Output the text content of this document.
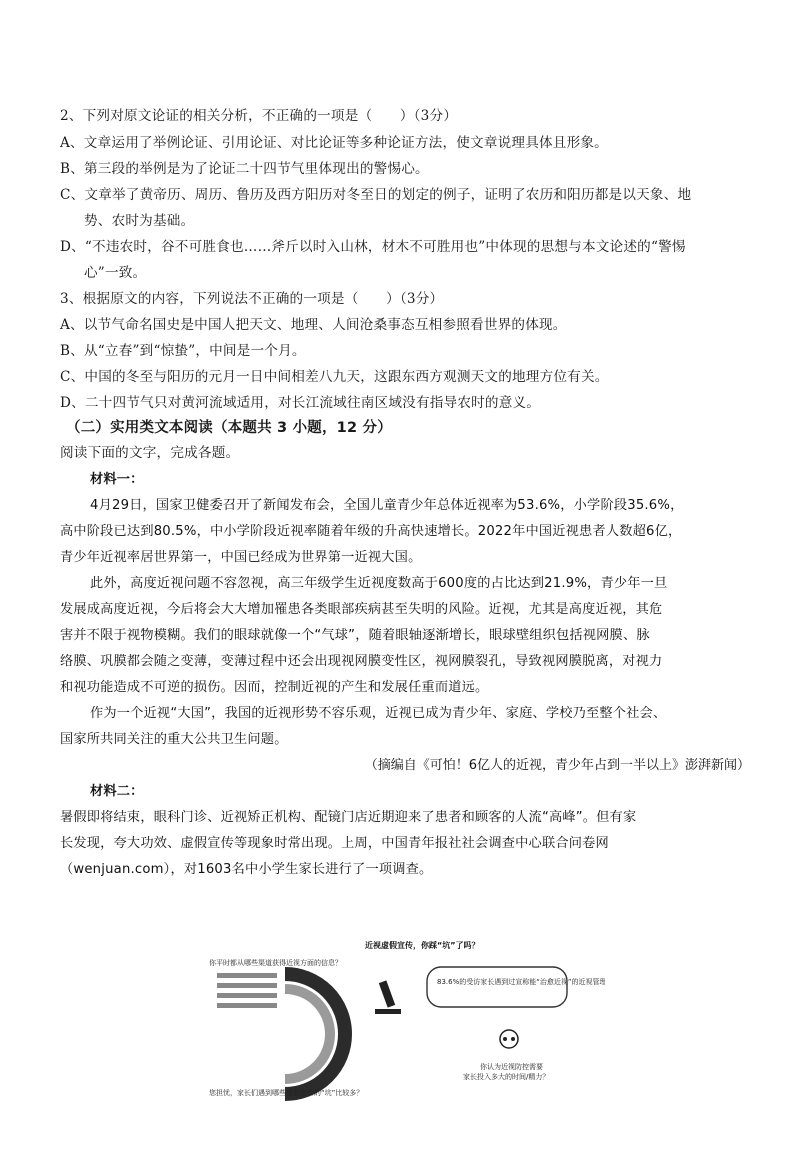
2、下列对原文论证的相关分析，不正确的一项是（　　）（3分）
A、文章运用了举例论证、引用论证、对比论证等多种论证方法，使文章说理具体且形象。
B、第三段的举例是为了论证二十四节气里体现出的警惕心。
C、文章举了黄帝历、周历、鲁历及西方阳历对冬至日的划定的例子，证明了农历和阳历都是以天象、地
势、农时为基础。
D、“不违农时，谷不可胜食也……斧斤以时入山林，材木不可胜用也”中体现的思想与本文论述的“警惕
心”一致。
3、根据原文的内容，下列说法不正确的一项是（　　）（3分）
A、以节气命名国史是中国人把天文、地理、人间沧桑事态互相参照看世界的体现。
B、从“立春”到“惊蛰”，中间是一个月。
C、中国的冬至与阳历的元月一日中间相差八九天，这跟东西方观测天文的地理方位有关。
D、二十四节气只对黄河流域适用，对长江流域往南区域没有指导农时的意义。
（二）实用类文本阅读（本题共 3 小题，12 分）
阅读下面的文字，完成各题。
材料一：
4月29日，国家卫健委召开了新闻发布会，全国儿童青少年总体近视率为53.6%，小学阶段35.6%，
高中阶段已达到80.5%，中小学阶段近视率随着年级的升高快速增长。2022年中国近视患者人数超6亿，
青少年近视率居世界第一，中国已经成为世界第一近视大国。
此外，高度近视问题不容忽视，高三年级学生近视度数高于600度的占比达到21.9%，青少年一旦
发展成高度近视，今后将会大大增加罹患各类眼部疾病甚至失明的风险。近视，尤其是高度近视，其危
害并不限于视物模糊。我们的眼球就像一个“气球”，随着眼轴逐渐增长，眼球壁组织包括视网膜、脉
络膜、巩膜都会随之变薄，变薄过程中还会出现视网膜变性区，视网膜裂孔，导致视网膜脱离，对视力
和视功能造成不可逆的损伤。因而，控制近视的产生和发展任重而道远。
作为一个近视“大国”，我国的近视形势不容乐观，近视已成为青少年、家庭、学校乃至整个社会、
国家所共同关注的重大公共卫生问题。
（摘编自《可怕！6亿人的近视，青少年占到一半以上》澎湃新闻）
材料二：
暑假即将结束，眼科门诊、近视矫正机构、配镜门店近期迎来了患者和顾客的人流“高峰”。但有家
长发现，夸大功效、虚假宣传等现象时常出现。上周，中国青年报社社会调查中心联合问卷网
（wenjuan.com），对1603名中小学生家长进行了一项调查。
近视虚假宣传，你踩“坑”了吗？
你平时都从哪些渠道获得近视方面的信息？
83.6%的受访家长遇到过宣称能“治愈近视”的近视管理服务
你认为近视防控需要
家长投入多大的时间/精力？
您担忧，家长们遇到哪些虚假宣传的“坑”比较多？
